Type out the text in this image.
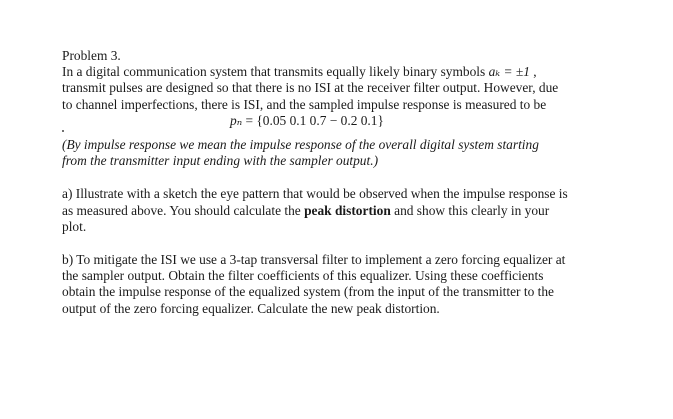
Problem 3.
In a digital communication system that transmits equally likely binary symbols aₖ = ±1 ,
transmit pulses are designed so that there is no ISI at the receiver filter output. However, due
to channel imperfections, there is ISI, and the sampled impulse response is measured to be
pₙ = {0.05 0.1 0.7 − 0.2 0.1}
(By impulse response we mean the impulse response of the overall digital system starting
from the transmitter input ending with the sampler output.)
a) Illustrate with a sketch the eye pattern that would be observed when the impulse response is
as measured above. You should calculate the peak distortion and show this clearly in your
plot.
b) To mitigate the ISI we use a 3-tap transversal filter to implement a zero forcing equalizer at
the sampler output. Obtain the filter coefficients of this equalizer. Using these coefficients
obtain the impulse response of the equalized system (from the input of the transmitter to the
output of the zero forcing equalizer. Calculate the new peak distortion.
